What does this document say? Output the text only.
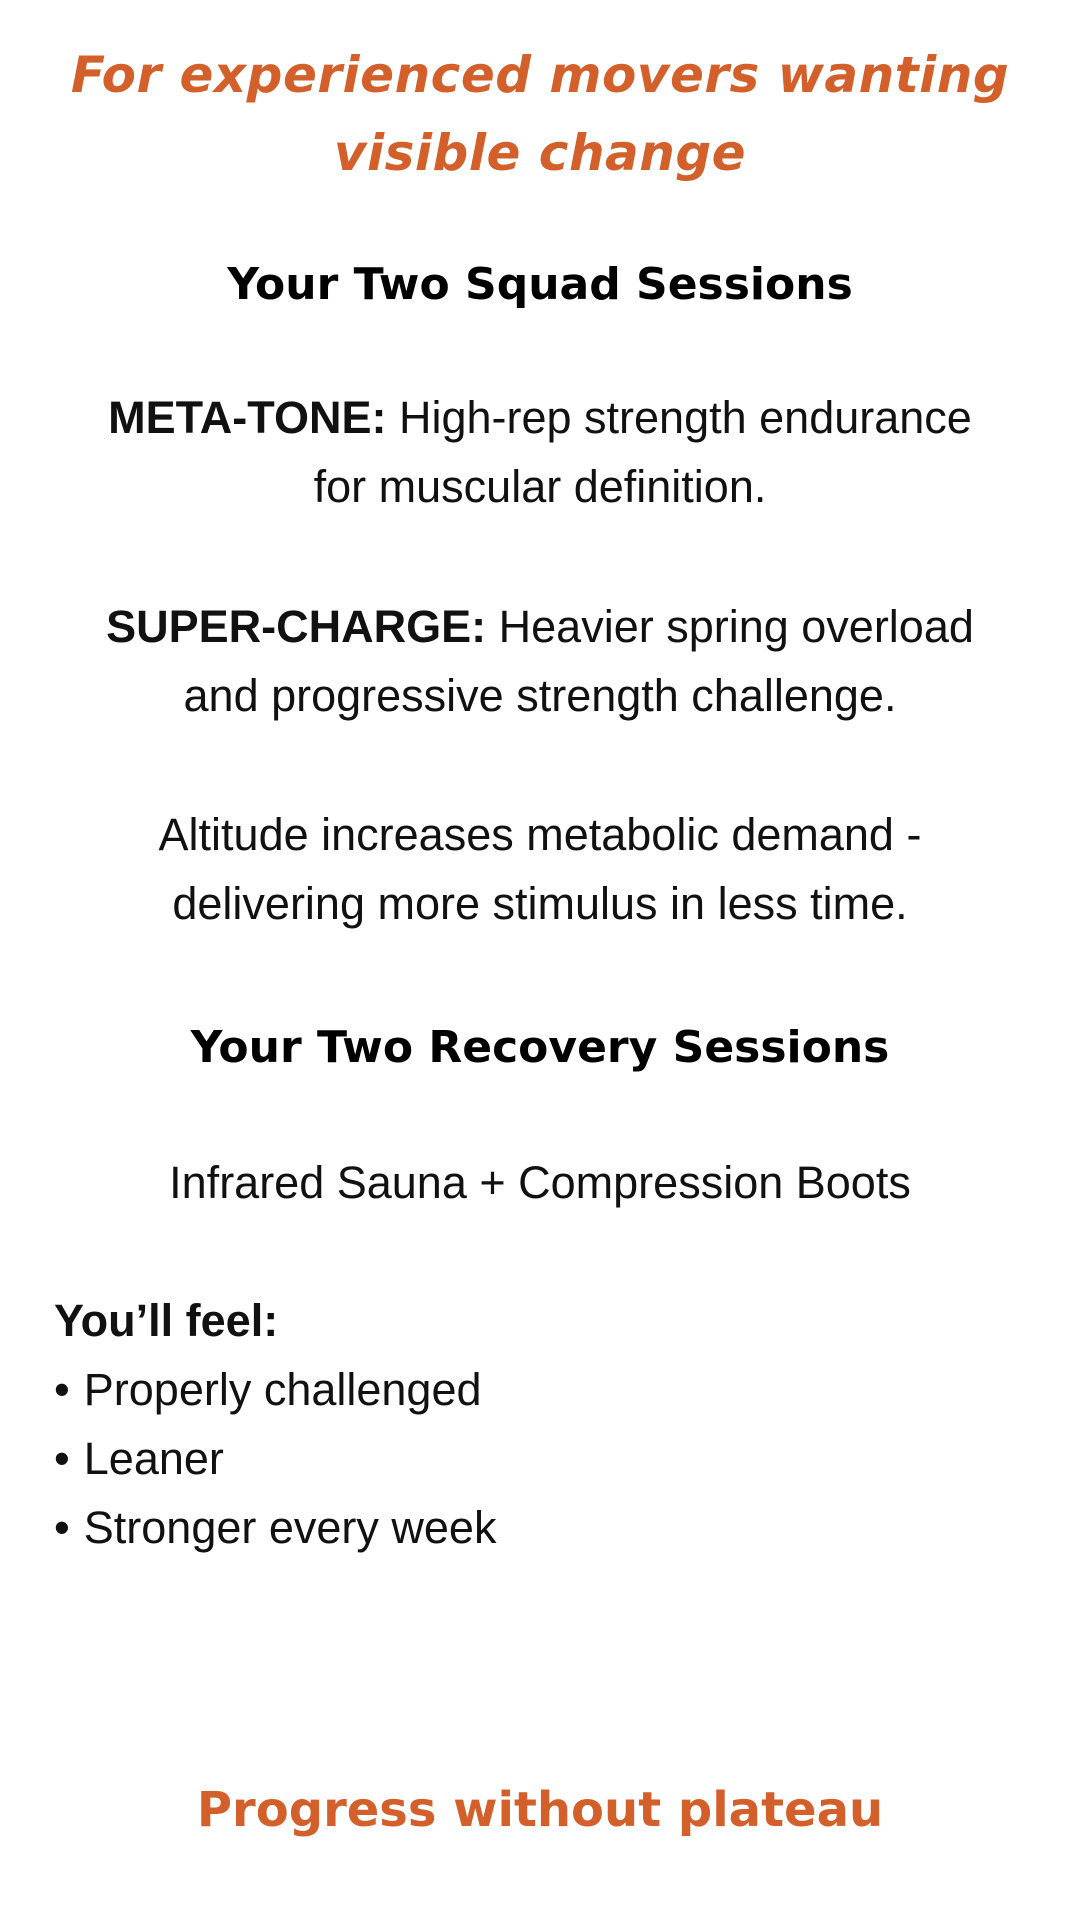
For experienced movers wanting
visible change
Your Two Squad Sessions
META-TONE: High-rep strength endurance
for muscular definition.
SUPER-CHARGE: Heavier spring overload
and progressive strength challenge.
Altitude increases metabolic demand -
delivering more stimulus in less time.
Your Two Recovery Sessions
Infrared Sauna + Compression Boots
You’ll feel:
• Properly challenged
• Leaner
• Stronger every week
Progress without plateau
